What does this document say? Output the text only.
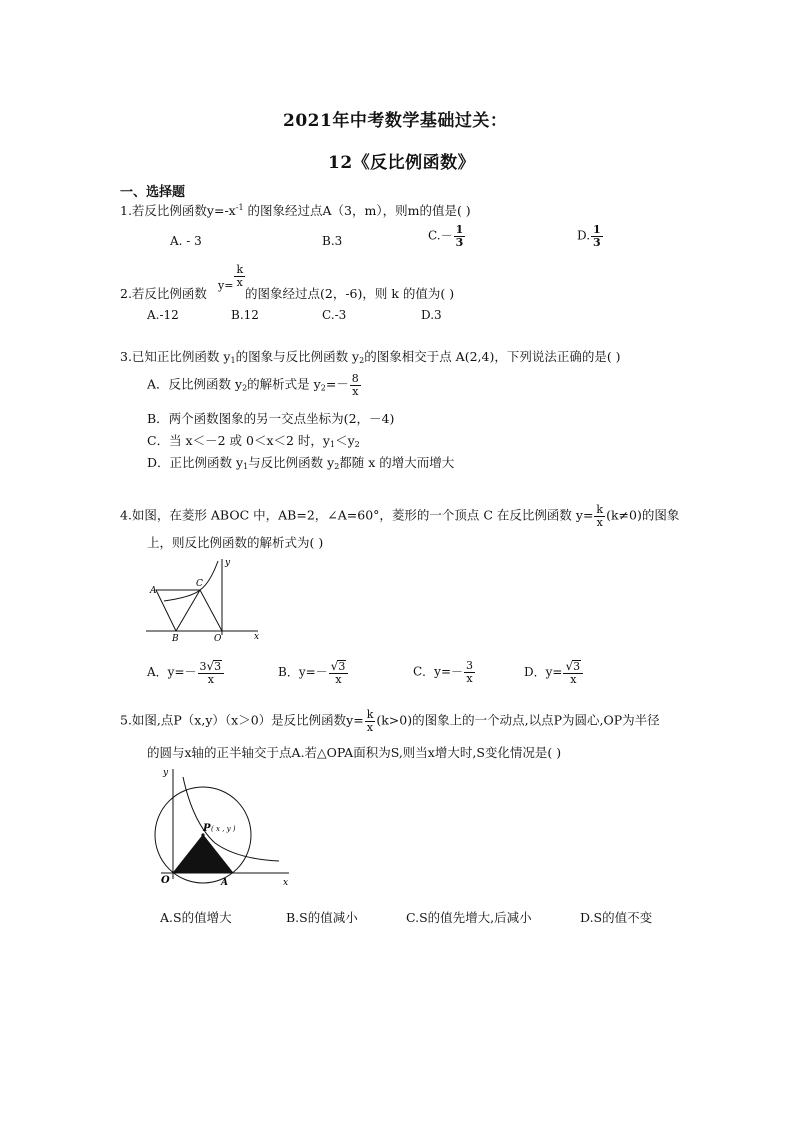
2021年中考数学基础过关：
12《反比例函数》
一、选择题
1.若反比例函数$y=-x^{-1}$ 的图象经过点A（3，m），则m的值是( )
A. - 3	B.3	$C.- \frac{1}{3}$	D. $\frac{1}{3}$
2.若反比例函数
$y= \frac{k}{x}$
的图象经过点(2，-6)，则 k 的值为( )
A.-12	B.12	C.-3	D.3
3.已知正比例函数 $y_1$的图象与反比例函数 $y_2$的图象相交于点 A(2,4)，下列说法正确的是( )
A．反比例函数 $y_2$的解析式是 $y_2=- \frac{8}{x}$
B．两个函数图象的另一交点坐标为(2，－4)
C．当 x＜－2 或 0＜x＜2 时，$y_1<y_2$
D．正比例函数 $y_1$与反比例函数 $y_2$都随 x 的增大而增大
4.如图，在菱形 ABOC 中，AB=2，∠A=60°，菱形的一个顶点 C 在反比例函数 $y= \frac{k}{x} (k\ne 0)$的图象
上，则反比例函数的解析式为( )
y
A
C
B	O	x
A．$y=- \frac{3√3}{x}$	B．$y=- \frac{√3}{x}$	C．$y=- \frac{3}{x}$	D．$y= \frac{√3}{x}$
5.如图,点P（x,y）（x＞0）是反比例函数$y= \frac{k}{x} (k>0)$的图象上的一个动点,以点P为圆心,OP为半径
的圆与x轴的正半轴交于点A.若△OPA面积为S,则当x增大时,S变化情况是( )
y
P ( x , y )
O	A	x
A.S的值增大	B.S的值减小	C.S的值先增大,后减小	D.S的值不变
